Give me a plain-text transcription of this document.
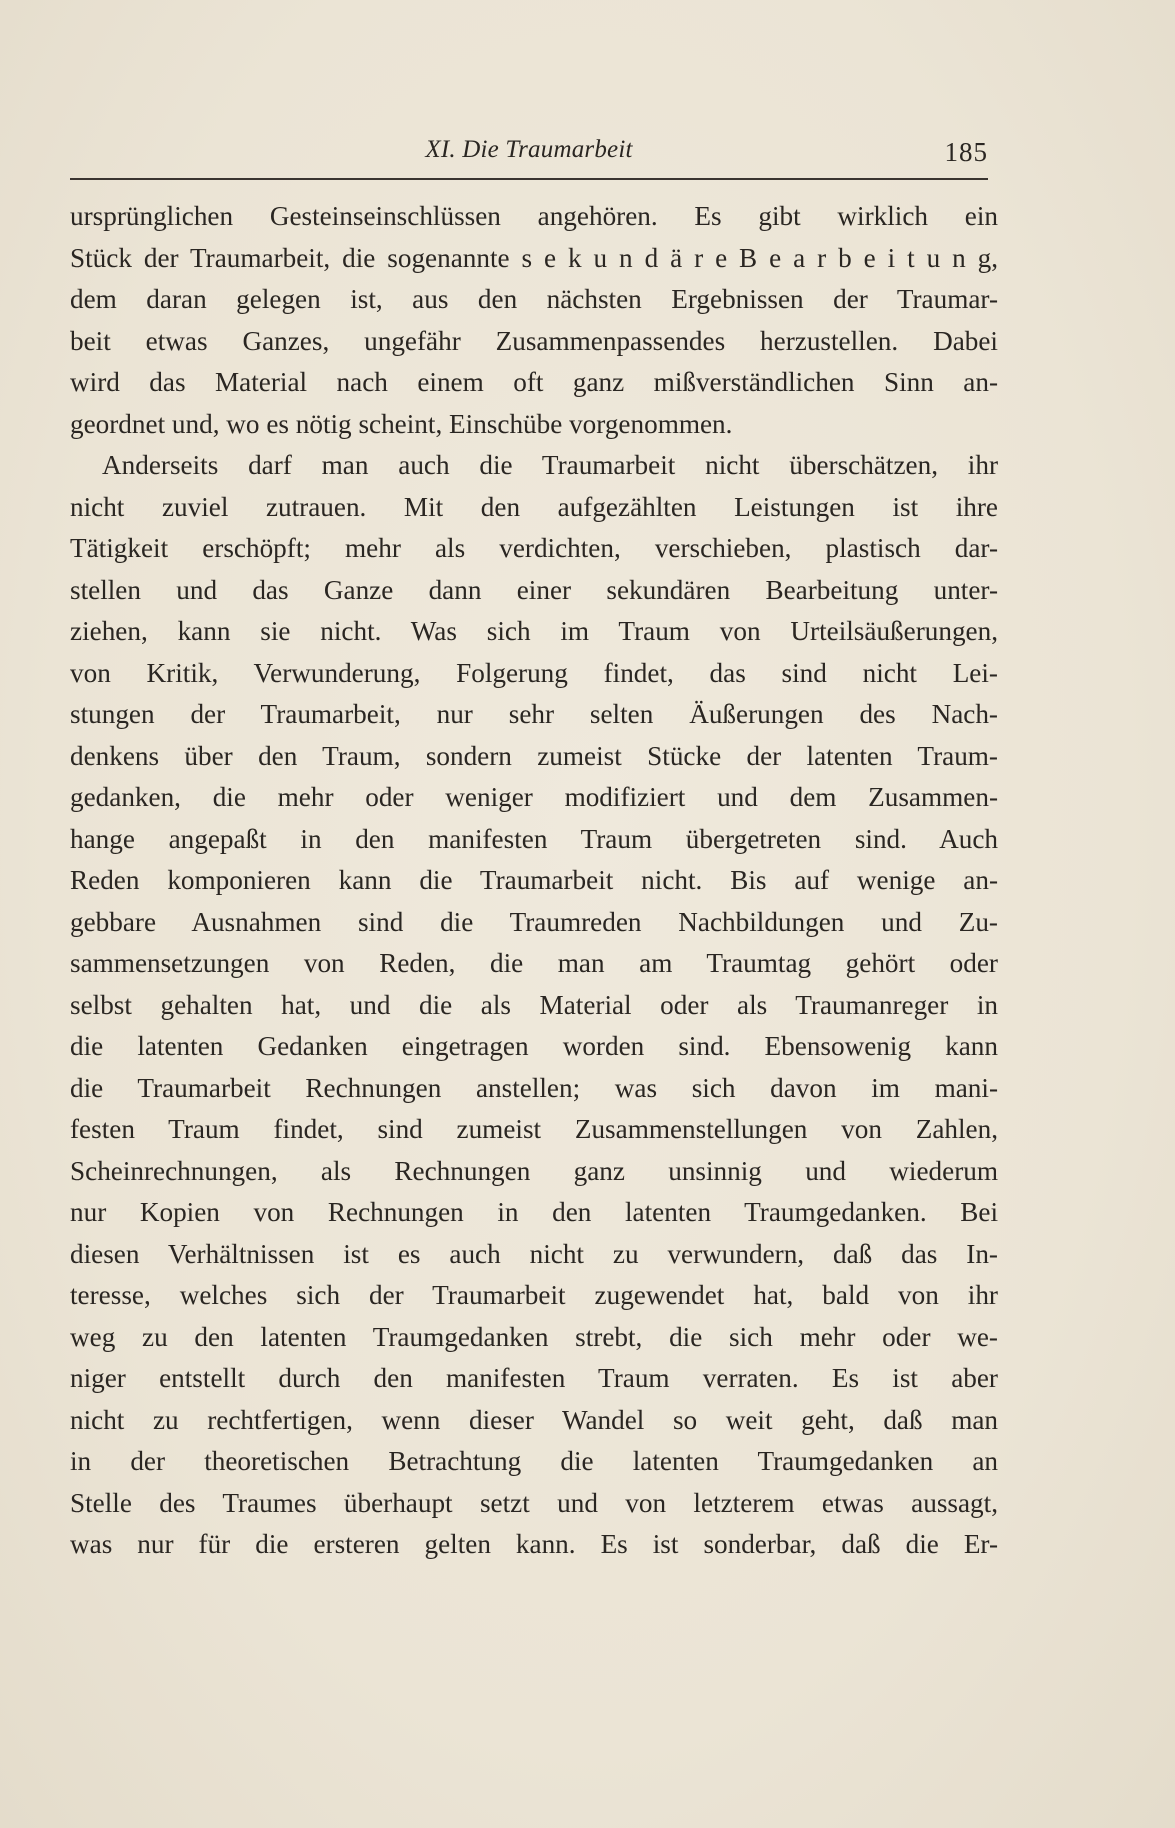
XI. Die Traumarbeit	185
ursprünglichen Gesteinseinschlüssen angehören. Es gibt wirklich ein
Stück der Traumarbeit, die sogenannte s e k u n d ä r e B e a r b e i t u n g,
dem daran gelegen ist, aus den nächsten Ergebnissen der Traumar-
beit etwas Ganzes, ungefähr Zusammenpassendes herzustellen. Dabei
wird das Material nach einem oft ganz mißverständlichen Sinn an-
geordnet und, wo es nötig scheint, Einschübe vorgenommen.
Anderseits darf man auch die Traumarbeit nicht überschätzen, ihr
nicht zuviel zutrauen. Mit den aufgezählten Leistungen ist ihre
Tätigkeit erschöpft; mehr als verdichten, verschieben, plastisch dar-
stellen und das Ganze dann einer sekundären Bearbeitung unter-
ziehen, kann sie nicht. Was sich im Traum von Urteilsäußerungen,
von Kritik, Verwunderung, Folgerung findet, das sind nicht Lei-
stungen der Traumarbeit, nur sehr selten Äußerungen des Nach-
denkens über den Traum, sondern zumeist Stücke der latenten Traum-
gedanken, die mehr oder weniger modifiziert und dem Zusammen-
hange angepaßt in den manifesten Traum übergetreten sind. Auch
Reden komponieren kann die Traumarbeit nicht. Bis auf wenige an-
gebbare Ausnahmen sind die Traumreden Nachbildungen und Zu-
sammensetzungen von Reden, die man am Traumtag gehört oder
selbst gehalten hat, und die als Material oder als Traumanreger in
die latenten Gedanken eingetragen worden sind. Ebensowenig kann
die Traumarbeit Rechnungen anstellen; was sich davon im mani-
festen Traum findet, sind zumeist Zusammenstellungen von Zahlen,
Scheinrechnungen, als Rechnungen ganz unsinnig und wiederum
nur Kopien von Rechnungen in den latenten Traumgedanken. Bei
diesen Verhältnissen ist es auch nicht zu verwundern, daß das In-
teresse, welches sich der Traumarbeit zugewendet hat, bald von ihr
weg zu den latenten Traumgedanken strebt, die sich mehr oder we-
niger entstellt durch den manifesten Traum verraten. Es ist aber
nicht zu rechtfertigen, wenn dieser Wandel so weit geht, daß man
in der theoretischen Betrachtung die latenten Traumgedanken an
Stelle des Traumes überhaupt setzt und von letzterem etwas aussagt,
was nur für die ersteren gelten kann. Es ist sonderbar, daß die Er-
